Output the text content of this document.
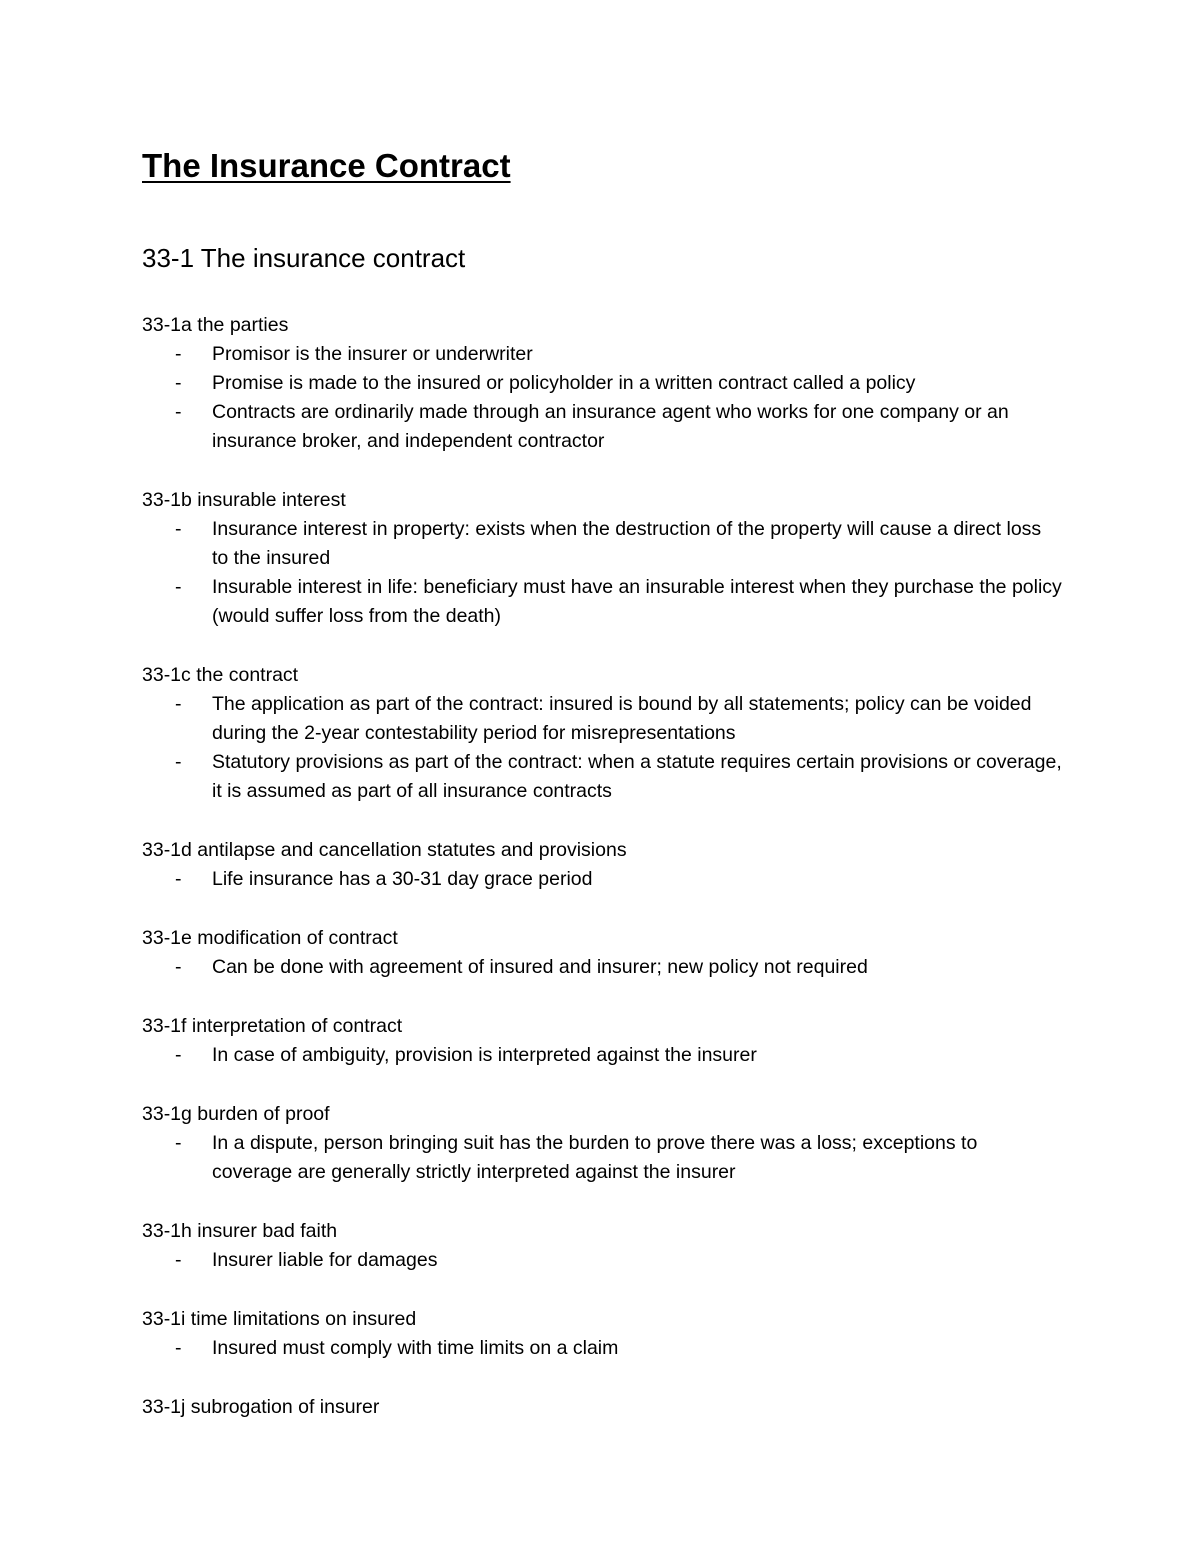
The Insurance Contract
33-1 The insurance contract
33-1a the parties
- Promisor is the insurer or underwriter
- Promise is made to the insured or policyholder in a written contract called a policy
- Contracts are ordinarily made through an insurance agent who works for one company or an insurance broker, and independent contractor
33-1b insurable interest
- Insurance interest in property: exists when the destruction of the property will cause a direct loss to the insured
- Insurable interest in life: beneficiary must have an insurable interest when they purchase the policy (would suffer loss from the death)
33-1c the contract
- The application as part of the contract: insured is bound by all statements; policy can be voided during the 2-year contestability period for misrepresentations
- Statutory provisions as part of the contract: when a statute requires certain provisions or coverage, it is assumed as part of all insurance contracts
33-1d antilapse and cancellation statutes and provisions
- Life insurance has a 30-31 day grace period
33-1e modification of contract
- Can be done with agreement of insured and insurer; new policy not required
33-1f interpretation of contract
- In case of ambiguity, provision is interpreted against the insurer
33-1g burden of proof
- In a dispute, person bringing suit has the burden to prove there was a loss; exceptions to coverage are generally strictly interpreted against the insurer
33-1h insurer bad faith
- Insurer liable for damages
33-1i time limitations on insured
- Insured must comply with time limits on a claim
33-1j subrogation of insurer
